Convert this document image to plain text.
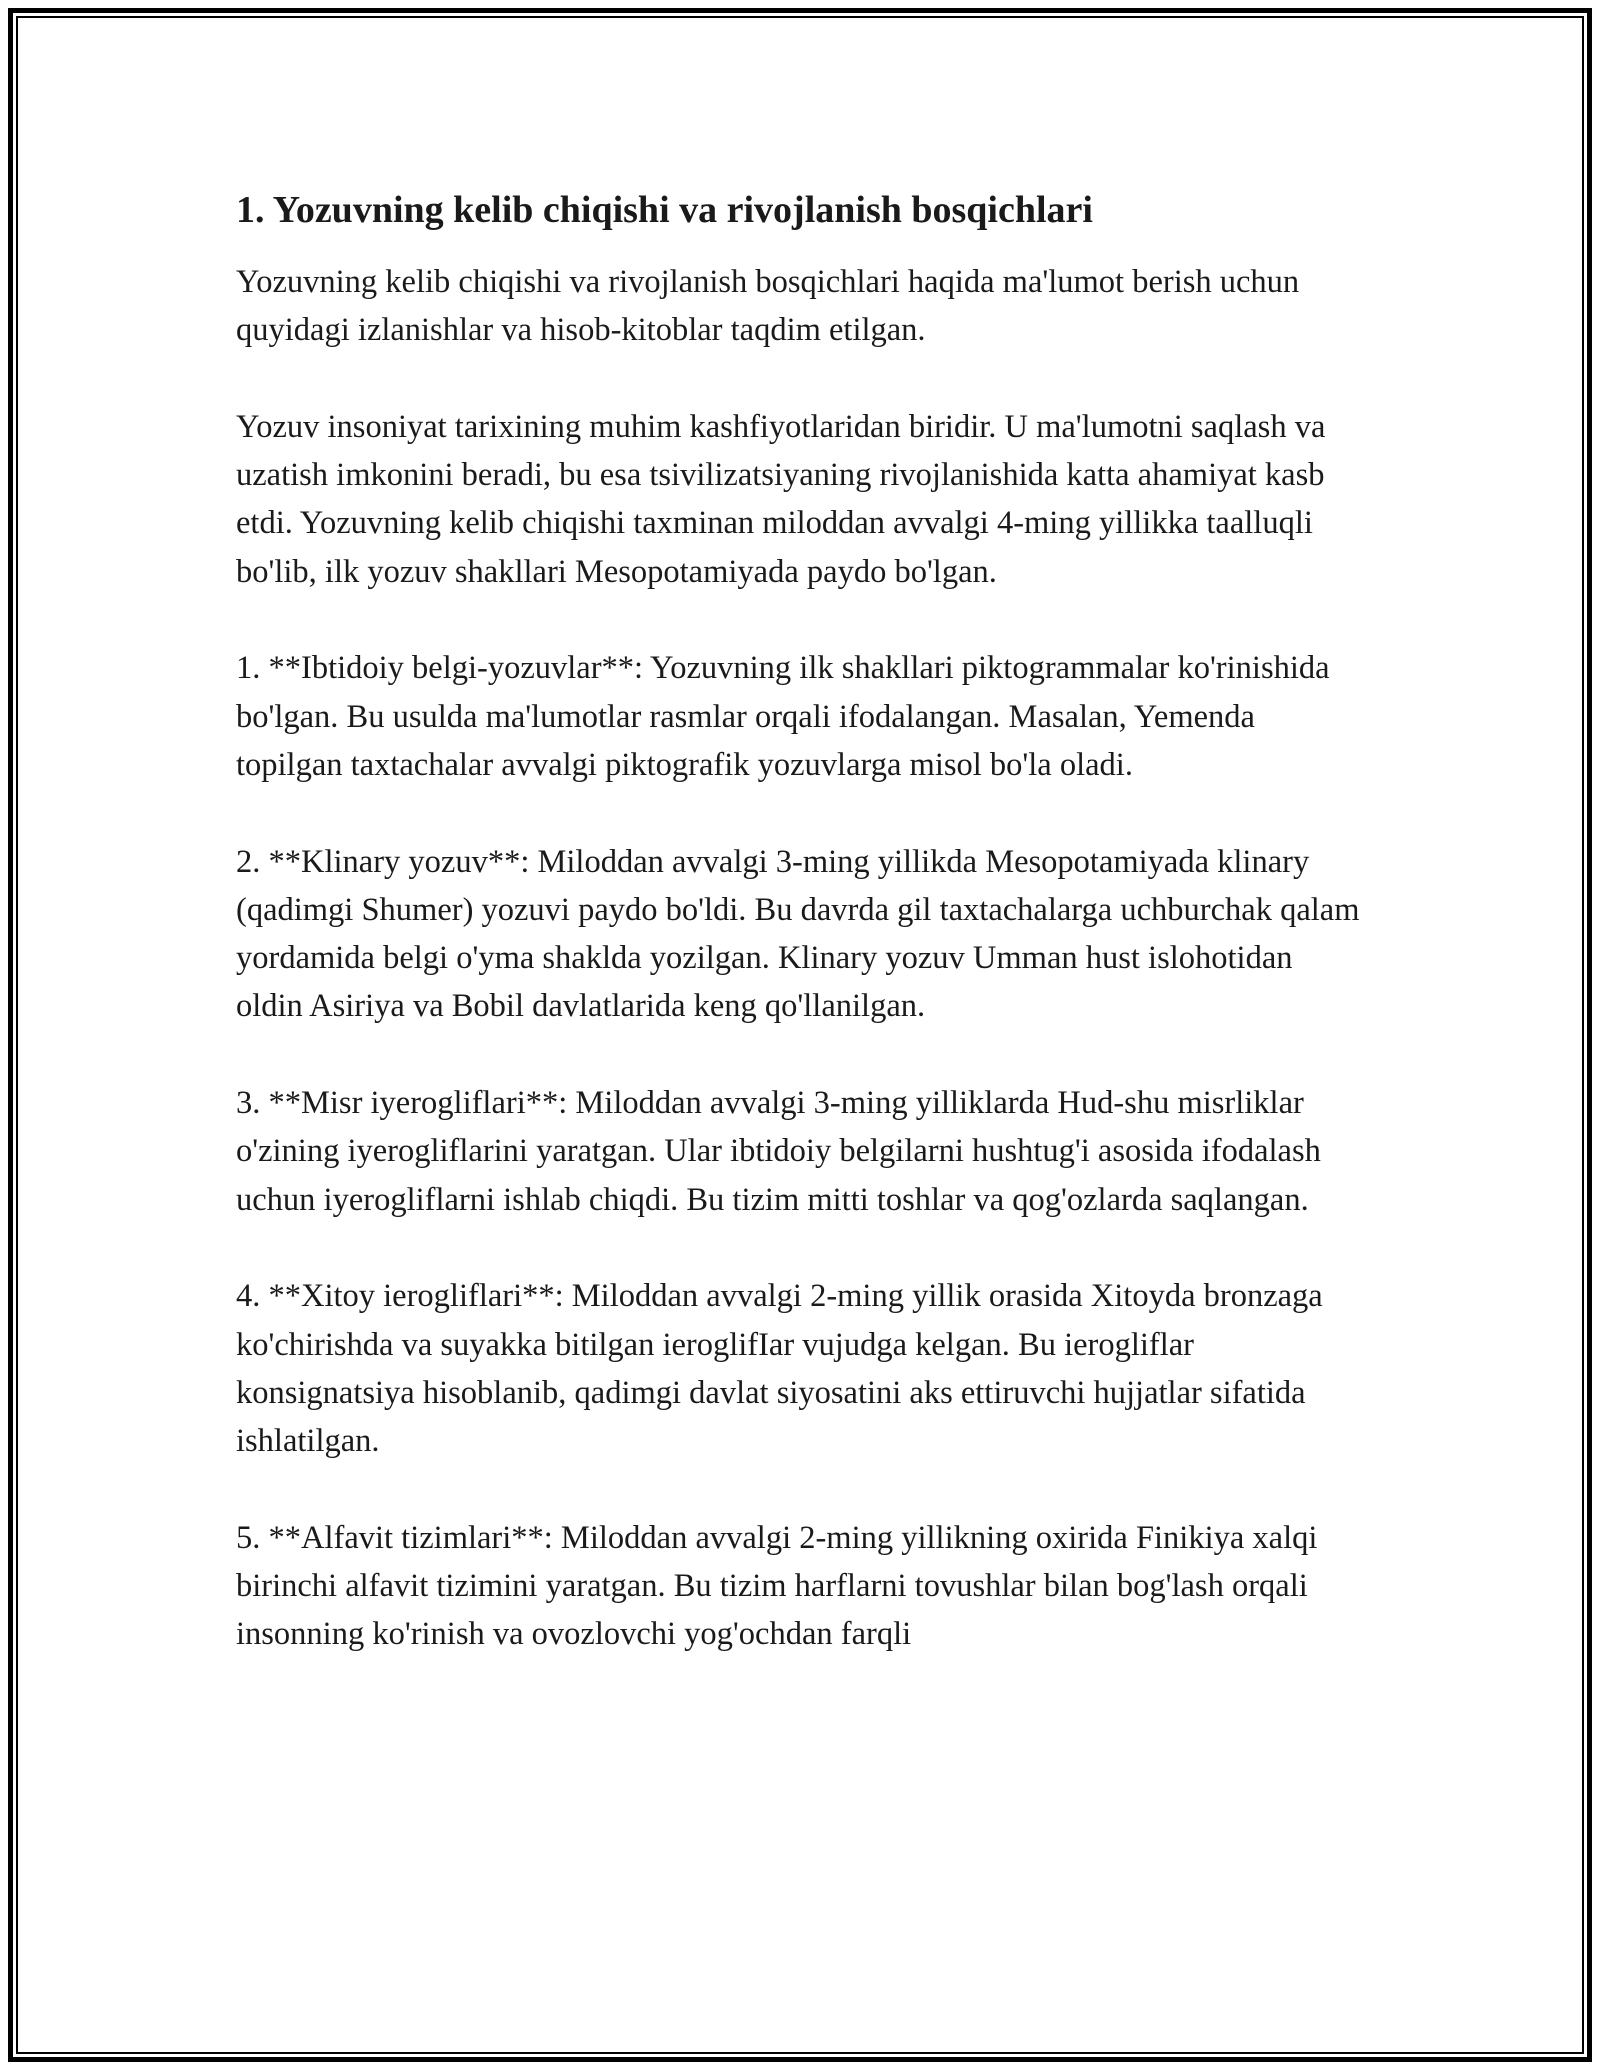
1. Yozuvning kelib chiqishi va rivojlanish bosqichlari

Yozuvning kelib chiqishi va rivojlanish bosqichlari haqida ma'lumot berish uchun quyidagi izlanishlar va hisob-kitoblar taqdim etilgan.

Yozuv insoniyat tarixining muhim kashfiyotlaridan biridir. U ma'lumotni saqlash va uzatish imkonini beradi, bu esa tsivilizatsiyaning rivojlanishida katta ahamiyat kasb etdi. Yozuvning kelib chiqishi taxminan miloddan avvalgi 4-ming yillikka taalluqli bo'lib, ilk yozuv shakllari Mesopotamiyada paydo bo'lgan.

1. **Ibtidoiy belgi-yozuvlar**: Yozuvning ilk shakllari piktogrammalar ko'rinishida bo'lgan. Bu usulda ma'lumotlar rasmlar orqali ifodalangan. Masalan, Yemenda topilgan taxtachalar avvalgi piktografik yozuvlarga misol bo'la oladi.

2. **Klinary yozuv**: Miloddan avvalgi 3-ming yillikda Mesopotamiyada klinary (qadimgi Shumer) yozuvi paydo bo'ldi. Bu davrda gil taxtachalarga uchburchak qalam yordamida belgi o'yma shaklda yozilgan. Klinary yozuv Umman hust islohotidan oldin Asiriya va Bobil davlatlarida keng qo'llanilgan.

3. **Misr iyerogliflari**: Miloddan avvalgi 3-ming yilliklarda Hud-shu misrliklar o'zining iyerogliflarini yaratgan. Ular ibtidoiy belgilarni hushtug'i asosida ifodalash uchun iyerogliflarni ishlab chiqdi. Bu tizim mitti toshlar va qog'ozlarda saqlangan.

4. **Xitoy ierogliflari**: Miloddan avvalgi 2-ming yillik orasida Xitoyda bronzaga ko'chirishda va suyakka bitilgan ieroglifIar vujudga kelgan. Bu ierogliflar konsignatsiya hisoblanib, qadimgi davlat siyosatini aks ettiruvchi hujjatlar sifatida ishlatilgan.

5. **Alfavit tizimlari**: Miloddan avvalgi 2-ming yillikning oxirida Finikiya xalqi birinchi alfavit tizimini yaratgan. Bu tizim harflarni tovushlar bilan bog'lash orqali insonning ko'rinish va ovozlovchi yog'ochdan farqli
